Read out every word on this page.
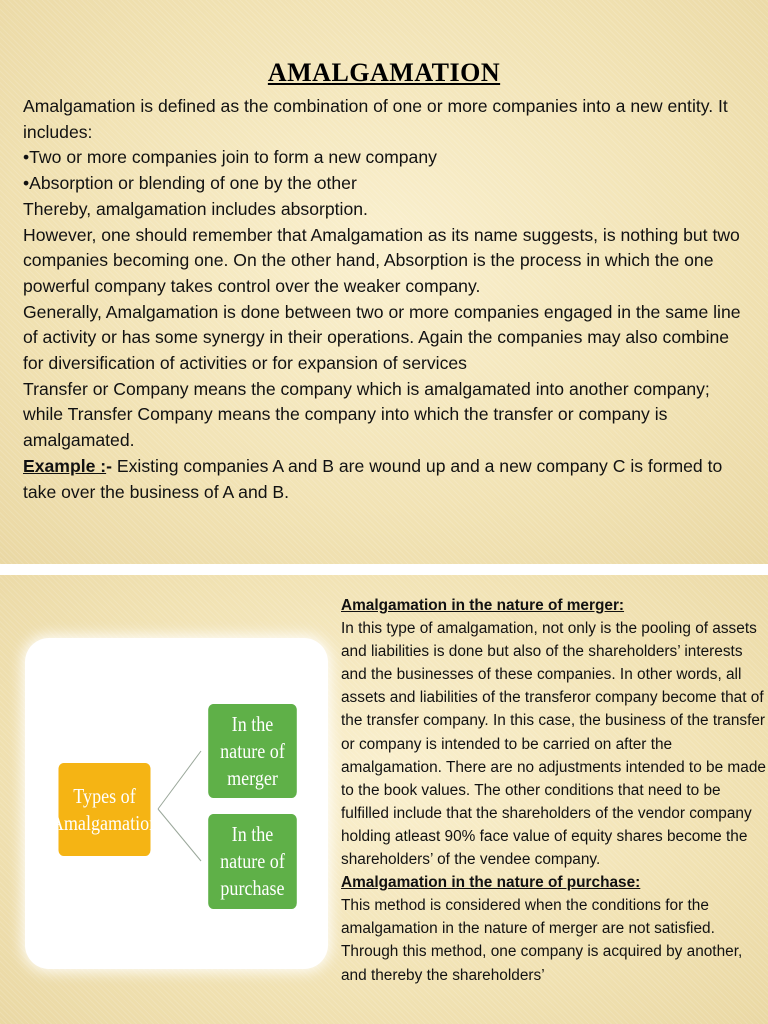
AMALGAMATION

Amalgamation is defined as the combination of one or more companies into a new entity. It includes:

•Two or more companies join to form a new company

•Absorption or blending of one by the other

Thereby, amalgamation includes absorption.

However, one should remember that Amalgamation as its name suggests, is nothing but two companies becoming one. On the other hand, Absorption is the process in which the one powerful company takes control over the weaker company.

Generally, Amalgamation is done between two or more companies engaged in the same line of activity or has some synergy in their operations. Again the companies may also combine for diversification of activities or for expansion of services

Transfer or Company means the company which is amalgamated into another company; while Transfer Company means the company into which the transfer or company is amalgamated.

Example :- Existing companies A and B are wound up and a new company C is formed to take over the business of A and B.

Types of Amalgamation
In the nature of merger
In the nature of purchase

Amalgamation in the nature of merger:

In this type of amalgamation, not only is the pooling of assets and liabilities is done but also of the shareholders’ interests and the businesses of these companies. In other words, all assets and liabilities of the transferor company become that of the transfer company. In this case, the business of the transfer or company is intended to be carried on after the amalgamation. There are no adjustments intended to be made to the book values. The other conditions that need to be fulfilled include that the shareholders of the vendor company holding atleast 90% face value of equity shares become the shareholders’ of the vendee company.

Amalgamation in the nature of purchase:

This method is considered when the conditions for the amalgamation in the nature of merger are not satisfied. Through this method, one company is acquired by another, and thereby the shareholders’
